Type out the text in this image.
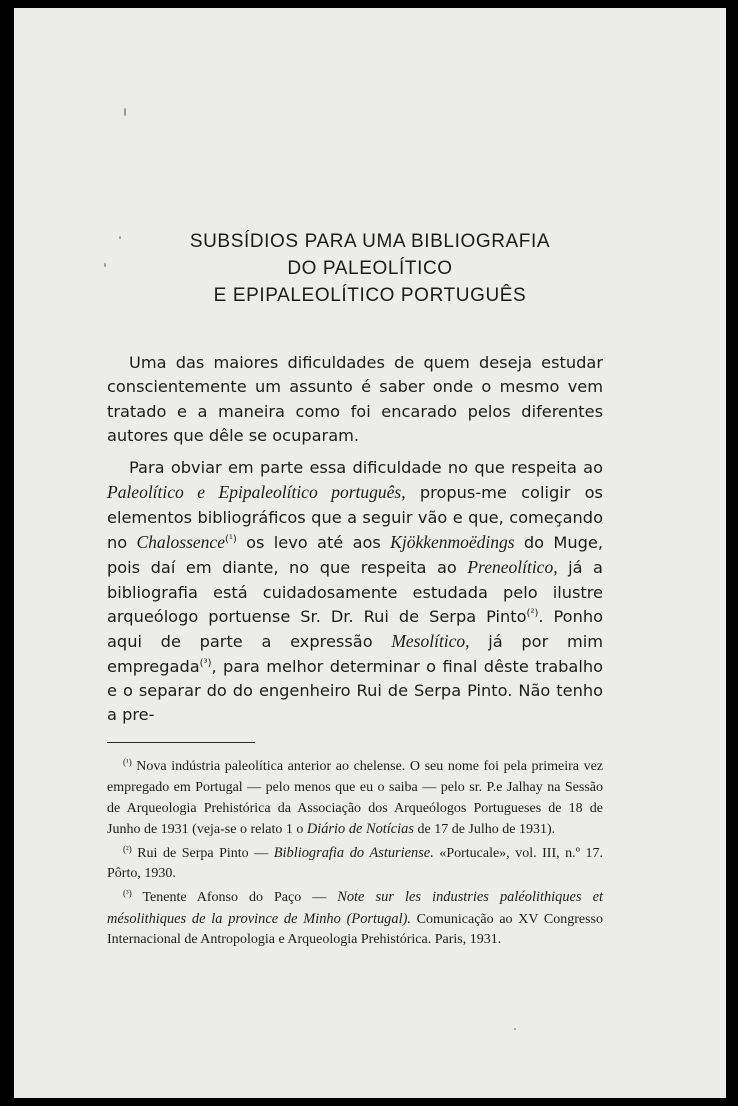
SUBSÍDIOS PARA UMA BIBLIOGRAFIA
DO PALEOLÍTICO
E EPIPALEOLÍTICO PORTUGUÊS

Uma das maiores dificuldades de quem deseja estudar conscientemente um assunto é saber onde o mesmo vem tratado e a maneira como foi encarado pelos diferentes autores que dêle se ocuparam.

Para obviar em parte essa dificuldade no que respeita ao Paleolítico e Epipaleolítico português, propus-me coligir os elementos bibliográficos que a seguir vão e que, começando no Chalossence$^{(^1)}$ os levo até aos Kjökkenmoëdings do Muge, pois daí em diante, no que respeita ao Preneolítico, já a bibliografia está cuidadosamente estudada pelo ilustre arqueólogo portuense Sr. Dr. Rui de Serpa Pinto$^{(^2)}$. Ponho aqui de parte a expressão Mesolítico, já por mim empregada$^{(^3)}$, para melhor determinar o final dêste trabalho e o separar do do engenheiro Rui de Serpa Pinto. Não tenho a pre-

$^{(^1)}$ Nova indústria paleolítica anterior ao chelense. O seu nome foi pela primeira vez empregado em Portugal — pelo menos que eu o saiba — pelo sr. P.e Jalhay na Sessão de Arqueologia Prehistórica da Associação dos Arqueólogos Portugueses de 18 de Junho de 1931 (veja-se o relato 1 o Diário de Notícias de 17 de Julho de 1931).

$^{(^2)}$ Rui de Serpa Pinto — Bibliografia do Asturiense. «Portucale», vol. III, n.º 17. Pôrto, 1930.

$^{(^3)}$ Tenente Afonso do Paço — Note sur les industries paléolithiques et mésolithiques de la province de Minho (Portugal). Comunicação ao XV Congresso Internacional de Antropologia e Arqueologia Prehistórica. Paris, 1931.
